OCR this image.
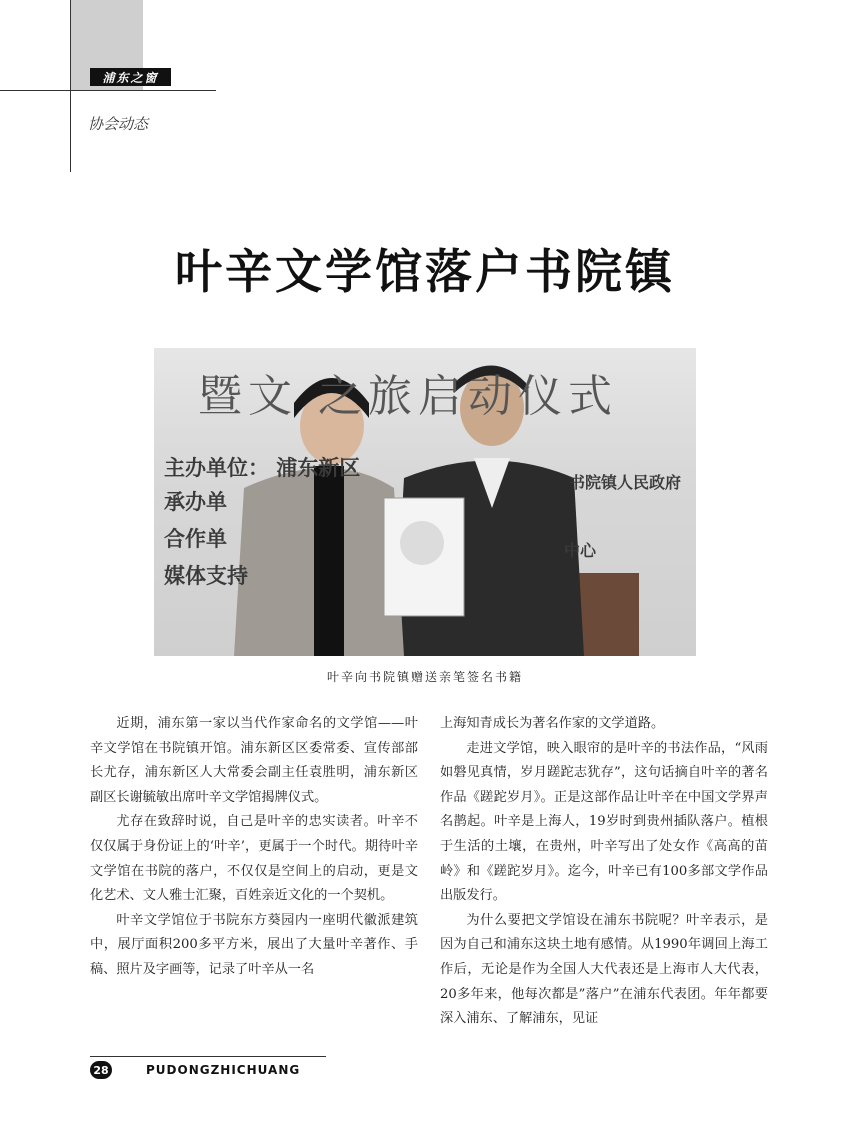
浦东之窗
协会动态
叶辛文学馆落户书院镇
暨文 之旅启动仪式
主办单位： 浦东新区
承办单
合作单
媒体支持
书院镇人民政府
中心
叶辛向书院镇赠送亲笔签名书籍

近期，浦东第一家以当代作家命名的文学馆——叶辛文学馆在书院镇开馆。浦东新区区委常委、宣传部部长尤存，浦东新区人大常委会副主任袁胜明，浦东新区副区长谢毓敏出席叶辛文学馆揭牌仪式。

尤存在致辞时说，自己是叶辛的忠实读者。叶辛不仅仅属于身份证上的‘叶辛’，更属于一个时代。期待叶辛文学馆在书院的落户，不仅仅是空间上的启动，更是文化艺术、文人雅士汇聚，百姓亲近文化的一个契机。

叶辛文学馆位于书院东方葵园内一座明代徽派建筑中，展厅面积200多平方米，展出了大量叶辛著作、手稿、照片及字画等，记录了叶辛从一名

上海知青成长为著名作家的文学道路。

走进文学馆，映入眼帘的是叶辛的书法作品，“风雨如磐见真情，岁月蹉跎志犹存”，这句话摘自叶辛的著名作品《蹉跎岁月》。正是这部作品让叶辛在中国文学界声名鹊起。叶辛是上海人，19岁时到贵州插队落户。植根于生活的土壤，在贵州，叶辛写出了处女作《高高的苗岭》和《蹉跎岁月》。迄今，叶辛已有100多部文学作品出版发行。

为什么要把文学馆设在浦东书院呢？叶辛表示，是因为自己和浦东这块土地有感情。从1990年调回上海工作后，无论是作为全国人大代表还是上海市人大代表，20多年来，他每次都是”落户”在浦东代表团。年年都要深入浦东、了解浦东，见证

28	PUDONGZHICHUANG
